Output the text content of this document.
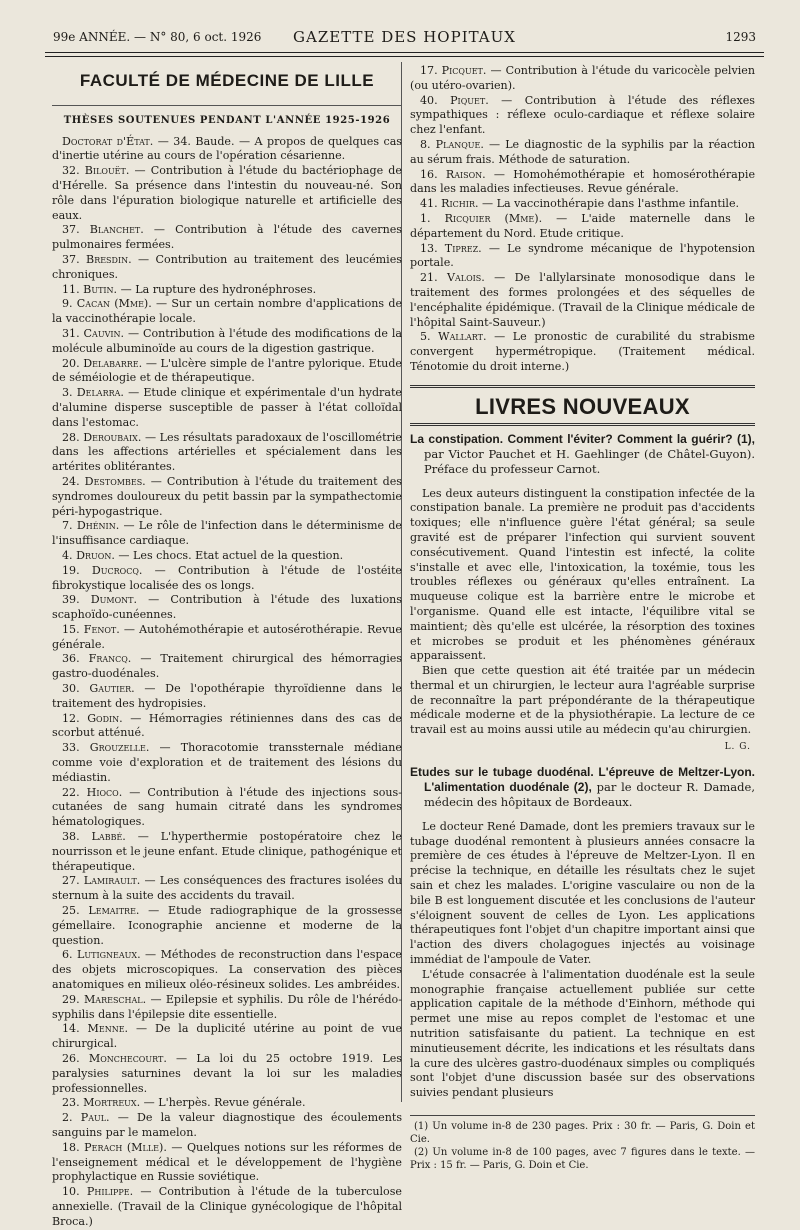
99e ANNÉE. — N° 80, 6 oct. 1926	GAZETTE DES HOPITAUX	1293
FACULTÉ DE MÉDECINE DE LILLE
THÈSES SOUTENUES PENDANT L'ANNÉE 1925-1926

Doctorat d'État. — 34. Baude. — A propos de quelques cas d'inertie utérine au cours de l'opération césarienne.

32. Bilouët. — Contribution à l'étude du bactériophage de d'Hérelle. Sa présence dans l'intestin du nouveau-né. Son rôle dans l'épuration biologique naturelle et artificielle des eaux.

37. Blanchet. — Contribution à l'étude des cavernes pulmonaires fermées.

37. Bresdin. — Contribution au traitement des leucémies chroniques.

11. Butin. — La rupture des hydronéphroses.

9. Cacan (Mme). — Sur un certain nombre d'applications de la vaccinothérapie locale.

31. Cauvin. — Contribution à l'étude des modifications de la molécule albuminoïde au cours de la digestion gastrique.

20. Delabarre. — L'ulcère simple de l'antre pylorique. Etude de séméiologie et de thérapeutique.

3. Delarra. — Etude clinique et expérimentale d'un hydrate d'alumine disperse susceptible de passer à l'état colloïdal dans l'estomac.

28. Deroubaix. — Les résultats paradoxaux de l'oscillométrie dans les affections artérielles et spécialement dans les artérites oblitérantes.

24. Destombes. — Contribution à l'étude du traitement des syndromes douloureux du petit bassin par la sympathectomie péri-hypogastrique.

7. Dhénin. — Le rôle de l'infection dans le déterminisme de l'insuffisance cardiaque.

4. Druon. — Les chocs. Etat actuel de la question.

19. Ducrocq. — Contribution à l'étude de l'ostéite fibrokystique localisée des os longs.

39. Dumont. — Contribution à l'étude des luxations scaphoïdo-cunéennes.

15. Fenot. — Autohémothérapie et autosérothérapie. Revue générale.

36. Francq. — Traitement chirurgical des hémorragies gastro-duodénales.

30. Gautier. — De l'opothérapie thyroïdienne dans le traitement des hydropisies.

12. Godin. — Hémorragies rétiniennes dans des cas de scorbut atténué.

33. Grouzelle. — Thoracotomie transsternale médiane comme voie d'exploration et de traitement des lésions du médiastin.

22. Hioco. — Contribution à l'étude des injections sous-cutanées de sang humain citraté dans les syndromes hématologiques.

38. Labbé. — L'hyperthermie postopératoire chez le nourrisson et le jeune enfant. Etude clinique, pathogénique et thérapeutique.

27. Lamirault. — Les conséquences des fractures isolées du sternum à la suite des accidents du travail.

25. Lemaitre. — Etude radiographique de la grossesse gémellaire. Iconographie ancienne et moderne de la question.

6. Lutigneaux. — Méthodes de reconstruction dans l'espace des objets microscopiques. La conservation des pièces anatomiques en milieux oléo-résineux solides. Les ambréides.

29. Mareschal. — Epilepsie et syphilis. Du rôle de l'hérédo-syphilis dans l'épilepsie dite essentielle.

14. Menne. — De la duplicité utérine au point de vue chirurgical.

26. Monchecourt. — La loi du 25 octobre 1919. Les paralysies saturnines devant la loi sur les maladies professionnelles.

23. Mortreux. — L'herpès. Revue générale.

2. Paul. — De la valeur diagnostique des écoulements sanguins par le mamelon.

18. Perach (Mlle). — Quelques notions sur les réformes de l'enseignement médical et le développement de l'hygiène prophylactique en Russie soviétique.

10. Philippe. — Contribution à l'étude de la tuberculose annexielle. (Travail de la Clinique gynécologique de l'hôpital Broca.)

17. Picquet. — Contribution à l'étude du varicocèle pelvien (ou utéro-ovarien).

40. Piquet. — Contribution à l'étude des réflexes sympathiques : réflexe oculo-cardiaque et réflexe solaire chez l'enfant.

8. Planque. — Le diagnostic de la syphilis par la réaction au sérum frais. Méthode de saturation.

16. Raison. — Homohémothérapie et homosérothérapie dans les maladies infectieuses. Revue générale.

41. Richir. — La vaccinothérapie dans l'asthme infantile.

1. Ricquier (Mme). — L'aide maternelle dans le département du Nord. Etude critique.

13. Tiprez. — Le syndrome mécanique de l'hypotension portale.

21. Valois. — De l'allylarsinate monosodique dans le traitement des formes prolongées et des séquelles de l'encéphalite épidémique. (Travail de la Clinique médicale de l'hôpital Saint-Sauveur.)

5. Wallart. — Le pronostic de curabilité du strabisme convergent hypermétropique. (Traitement médical. Ténotomie du droit interne.)

LIVRES NOUVEAUX
La constipation. Comment l'éviter? Comment la guérir? (1), par Victor Pauchet et H. Gaehlinger (de Châtel-Guyon). Préface du professeur Carnot.

Les deux auteurs distinguent la constipation infectée de la constipation banale. La première ne produit pas d'accidents toxiques; elle n'influence guère l'état général; sa seule gravité est de préparer l'infection qui survient souvent consécutivement. Quand l'intestin est infecté, la colite s'installe et avec elle, l'intoxication, la toxémie, tous les troubles réflexes ou généraux qu'elles entraînent. La muqueuse colique est la barrière entre le microbe et l'organisme. Quand elle est intacte, l'équilibre vital se maintient; dès qu'elle est ulcérée, la résorption des toxines et microbes se produit et les phénomènes généraux apparaissent.

Bien que cette question ait été traitée par un médecin thermal et un chirurgien, le lecteur aura l'agréable surprise de reconnaître la part prépondérante de la thérapeutique médicale moderne et de la physiothérapie. La lecture de ce travail est au moins aussi utile au médecin qu'au chirurgien.

L. G.
Etudes sur le tubage duodénal. L'épreuve de Meltzer-Lyon. L'alimentation duodénale (2), par le docteur R. Damade, médecin des hôpitaux de Bordeaux.

Le docteur René Damade, dont les premiers travaux sur le tubage duodénal remontent à plusieurs années consacre la première de ces études à l'épreuve de Meltzer-Lyon. Il en précise la technique, en détaille les résultats chez le sujet sain et chez les malades. L'origine vasculaire ou non de la bile B est longuement discutée et les conclusions de l'auteur s'éloignent souvent de celles de Lyon. Les applications thérapeutiques font l'objet d'un chapitre important ainsi que l'action des divers cholagogues injectés au voisinage immédiat de l'ampoule de Vater.

L'étude consacrée à l'alimentation duodénale est la seule monographie française actuellement publiée sur cette application capitale de la méthode d'Einhorn, méthode qui permet une mise au repos complet de l'estomac et une nutrition satisfaisante du patient. La technique en est minutieusement décrite, les indications et les résultats dans la cure des ulcères gastro-duodénaux simples ou compliqués sont l'objet d'une discussion basée sur des observations suivies pendant plusieurs

(1) Un volume in-8 de 230 pages. Prix : 30 fr. — Paris, G. Doin et Cie.

(2) Un volume in-8 de 100 pages, avec 7 figures dans le texte. — Prix : 15 fr. — Paris, G. Doin et Cie.
